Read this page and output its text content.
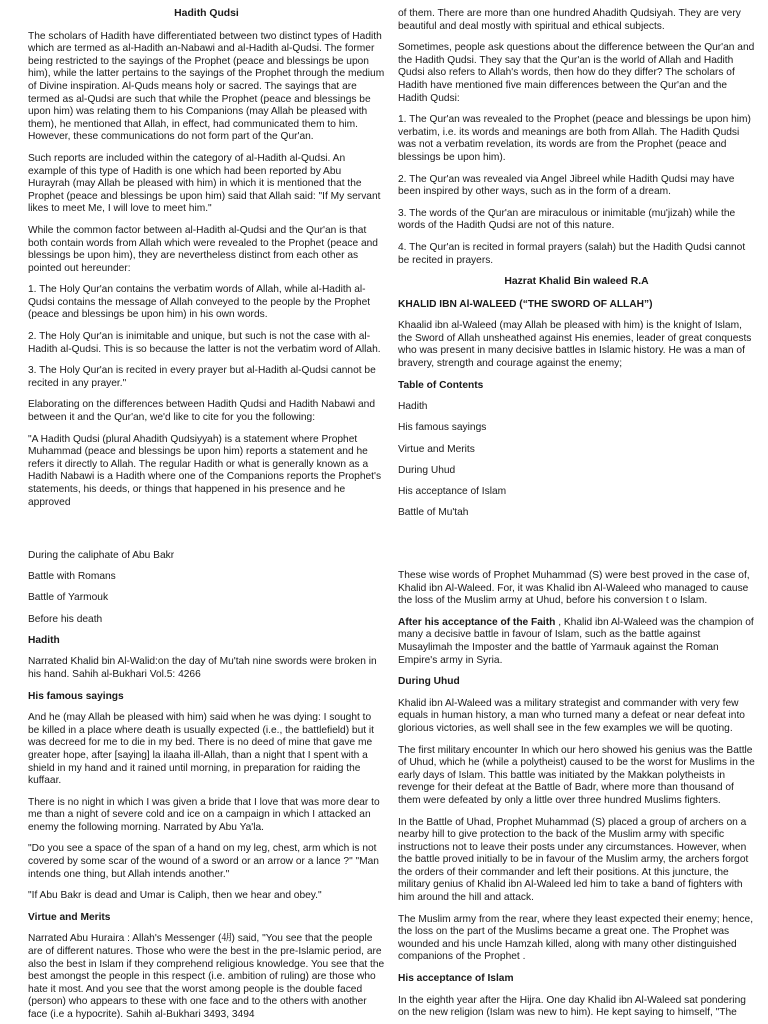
Hadith Qudsi

The scholars of Hadith have differentiated between two distinct types of Hadith which are termed as al-Hadith an-Nabawi and al-Hadith al-Qudsi. The former being restricted to the sayings of the Prophet (peace and blessings be upon him), while the latter pertains to the sayings of the Prophet through the medium of Divine inspiration. Al-Quds means holy or sacred. The sayings that are termed as al-Qudsi are such that while the Prophet (peace and blessings be upon him) was relating them to his Companions (may Allah be pleased with them), he mentioned that Allah, in effect, had communicated them to him. However, these communications do not form part of the Qur'an.

Such reports are included within the category of al-Hadith al-Qudsi. An example of this type of Hadith is one which had been reported by Abu Hurayrah (may Allah be pleased with him) in which it is mentioned that the Prophet (peace and blessings be upon him) said that Allah said: "If My servant likes to meet Me, I will love to meet him."

While the common factor between al-Hadith al-Qudsi and the Qur'an is that both contain words from Allah which were revealed to the Prophet (peace and blessings be upon him), they are nevertheless distinct from each other as pointed out hereunder:

1. The Holy Qur'an contains the verbatim words of Allah, while al-Hadith al-Qudsi contains the message of Allah conveyed to the people by the Prophet (peace and blessings be upon him) in his own words.

2. The Holy Qur'an is inimitable and unique, but such is not the case with al-Hadith al-Qudsi. This is so because the latter is not the verbatim word of Allah.

3. The Holy Qur'an is recited in every prayer but al-Hadith al-Qudsi cannot be recited in any prayer."

Elaborating on the differences between Hadith Qudsi and Hadith Nabawi and between it and the Qur'an, we'd like to cite for you the following:

"A Hadith Qudsi (plural Ahadith Qudsiyyah) is a statement where Prophet Muhammad (peace and blessings be upon him) reports a statement and he refers it directly to Allah. The regular Hadith or what is generally known as a Hadith Nabawi is a Hadith where one of the Companions reports the Prophet's statements, his deeds, or things that happened in his presence and he approved

of them. There are more than one hundred Ahadith Qudsiyah. They are very beautiful and deal mostly with spiritual and ethical subjects.

Sometimes, people ask questions about the difference between the Qur'an and the Hadith Qudsi. They say that the Qur'an is the world of Allah and Hadith Qudsi also refers to Allah's words, then how do they differ? The scholars of Hadith have mentioned five main differences between the Qur'an and the Hadith Qudsi:

1. The Qur'an was revealed to the Prophet (peace and blessings be upon him) verbatim, i.e. its words and meanings are both from Allah. The Hadith Qudsi was not a verbatim revelation, its words are from the Prophet (peace and blessings be upon him).

2. The Qur'an was revealed via Angel Jibreel while Hadith Qudsi may have been inspired by other ways, such as in the form of a dream.

3. The words of the Qur'an are miraculous or inimitable (mu'jizah) while the words of the Hadith Qudsi are not of this nature.

4. The Qur'an is recited in formal prayers (salah) but the Hadith Qudsi cannot be recited in prayers.

Hazrat Khalid Bin waleed R.A
KHALID IBN Al-WALEED (“THE SWORD OF ALLAH”)

Khaalid ibn al-Waleed (may Allah be pleased with him) is the knight of Islam, the Sword of Allah unsheathed against His enemies, leader of great conquests who was present in many decisive battles in Islamic history. He was a man of bravery, strength and courage against the enemy;

Table of Contents
Hadith
His famous sayings
Virtue and Merits
During Uhud
His acceptance of Islam
Battle of Mu'tah
During the caliphate of Abu Bakr
Battle with Romans
Battle of Yarmouk
Before his death
Hadith

Narrated Khalid bin Al-Walid:on the day of Mu'tah nine swords were broken in his hand. Sahih al-Bukhari Vol.5: 4266

His famous sayings

And he (may Allah be pleased with him) said when he was dying: I sought to be killed in a place where death is usually expected (i.e., the battlefield) but it was decreed for me to die in my bed. There is no deed of mine that gave me greater hope, after [saying] la ilaaha ill-Allah, than a night that I spent with a shield in my hand and it rained until morning, in preparation for raiding the kuffaar.

There is no night in which I was given a bride that I love that was more dear to me than a night of severe cold and ice on a campaign in which I attacked an enemy the following morning. Narrated by Abu Ya'la.

"Do you see a space of the span of a hand on my leg, chest, arm which is not covered by some scar of the wound of a sword or an arrow or a lance ?" "Man intends one thing, but Allah intends another."

"If Abu Bakr is dead and Umar is Caliph, then we hear and obey."

Virtue and Merits

Narrated Abu Huraira : Allah's Messenger (㋃) said, "You see that the people are of different natures. Those who were the best in the pre-Islamic period, are also the best in Islam if they comprehend religious knowledge. You see that the best amongst the people in this respect (i.e. ambition of ruling) are those who hate it most. And you see that the worst among people is the double faced (person) who appears to these with one face and to the others with another face (i.e a hypocrite). Sahih al-Bukhari 3493, 3494

These wise words of Prophet Muhammad (S) were best proved in the case of, Khalid ibn Al-Waleed. For, it was Khalid ibn Al-Waleed who managed to cause the loss of the Muslim army at Uhud, before his conversion t o Islam.

After his acceptance of the Faith , Khalid ibn Al-Waleed was the champion of many a decisive battle in favour of Islam, such as the battle against Musaylimah the Imposter and the battle of Yarmauk against the Roman Empire's army in Syria.

During Uhud

Khalid ibn Al-Waleed was a military strategist and commander with very few equals in human history, a man who turned many a defeat or near defeat into glorious victories, as well shall see in the few examples we will be quoting.

The first military encounter In which our hero showed his genius was the Battle of Uhud, which he (while a polytheist) caused to be the worst for Muslims in the early days of Islam. This battle was initiated by the Makkan polytheists in revenge for their defeat at the Battle of Badr, where more than thousand of them were defeated by only a little over three hundred Muslims fighters.

In the Battle of Uhad, Prophet Muhammad (S) placed a group of archers on a nearby hill to give protection to the back of the Muslim army with specific instructions not to leave their posts under any circumstances. However, when the battle proved initially to be in favour of the Muslim army, the archers forgot the orders of their commander and left their positions. At this juncture, the military genius of Khalid ibn Al-Waleed led him to take a band of fighters with him around the hill and attack.

The Muslim army from the rear, where they least expected their enemy; hence, the loss on the part of the Muslims became a great one. The Prophet was wounded and his uncle Hamzah killed, along with many other distinguished companions of the Prophet .

His acceptance of Islam

In the eighth year after the Hijra. One day Khalid ibn Al-Waleed sat pondering on the new religion (Islam was new to him). He kept saying to himself, "The
